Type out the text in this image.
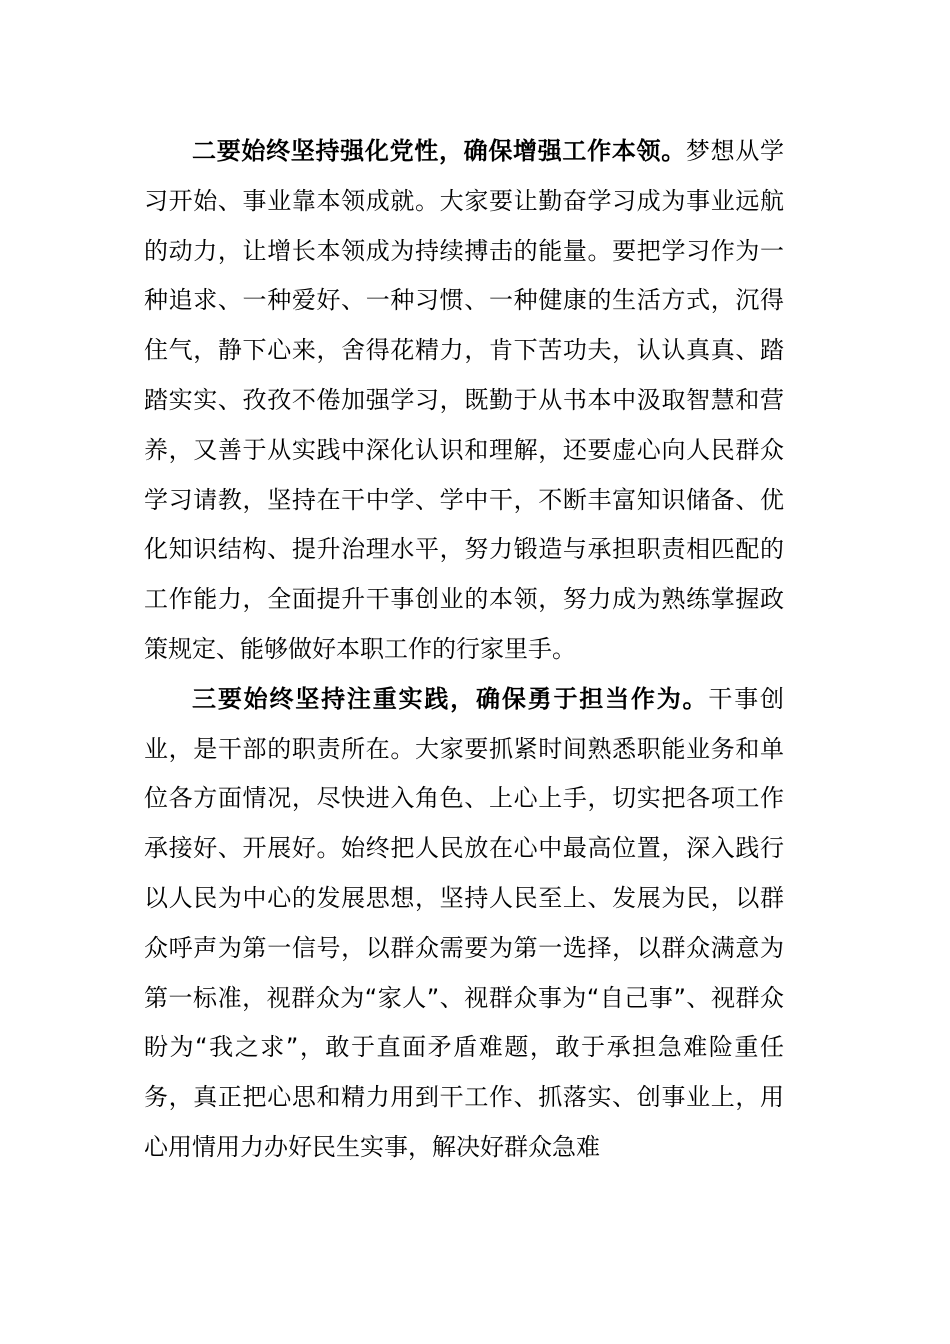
二要始终坚持强化党性，确保增强工作本领。梦想从学习开始、事业靠本领成就。大家要让勤奋学习成为事业远航的动力，让增长本领成为持续搏击的能量。要把学习作为一种追求、一种爱好、一种习惯、一种健康的生活方式，沉得住气，静下心来，舍得花精力，肯下苦功夫，认认真真、踏踏实实、孜孜不倦加强学习，既勤于从书本中汲取智慧和营养，又善于从实践中深化认识和理解，还要虚心向人民群众学习请教，坚持在干中学、学中干，不断丰富知识储备、优化知识结构、提升治理水平，努力锻造与承担职责相匹配的工作能力，全面提升干事创业的本领，努力成为熟练掌握政策规定、能够做好本职工作的行家里手。

三要始终坚持注重实践，确保勇于担当作为。干事创业，是干部的职责所在。大家要抓紧时间熟悉职能业务和单位各方面情况，尽快进入角色、上心上手，切实把各项工作承接好、开展好。始终把人民放在心中最高位置，深入践行以人民为中心的发展思想，坚持人民至上、发展为民，以群众呼声为第一信号，以群众需要为第一选择，以群众满意为第一标准，视群众为“家人”、视群众事为“自己事”、视群众盼为“我之求”，敢于直面矛盾难题，敢于承担急难险重任务，真正把心思和精力用到干工作、抓落实、创事业上，用心用情用力办好民生实事，解决好群众急难
